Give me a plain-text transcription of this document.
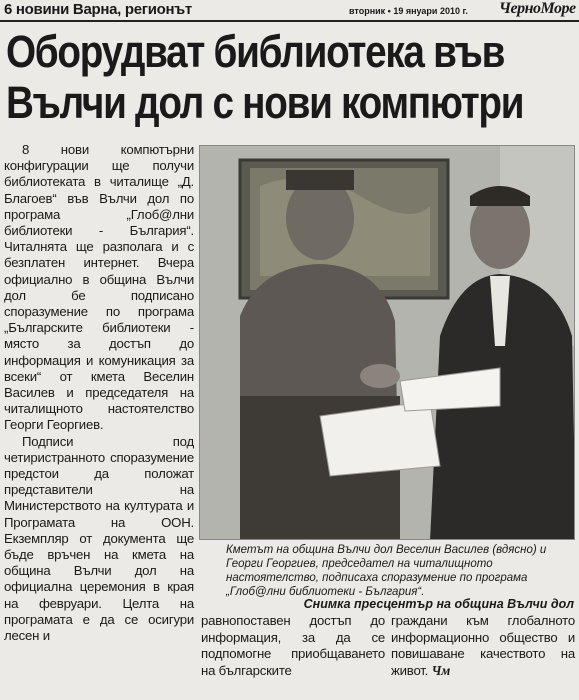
6 новини Варна, регионът	вторник • 19 януари 2010 г. ЧерноМоре
Оборудват библиотека във
Вълчи дол с нови компютри

8 нови компютърни конфигурации ще получи библиотеката в читалище „Д. Благоев“ във Вълчи дол по програма „Глоб@лни библиотеки - България“. Читалнята ще разполага и с безплатен интернет. Вчера официално в община Вълчи дол бе подписано споразумение по програма „Българските библиотеки - място за достъп до информация и комуникация за всеки“ от кмета Веселин Василев и председателя на читалищното настоятелство Георги Георгиев.

Подписи под четиристранното споразумение предстои да положат представители на Министерството на културата и Програмата на ООН. Екземпляр от документа ще бъде връчен на кмета на община Вълчи дол на официална церемония в края на февруари. Целта на програмата е да се осигури лесен и

Кметът на община Вълчи дол Веселин Василев (вдясно) и Георги Георгиев, председател на читалищното настоятелство, подписаха споразумение по програма „Глоб@лни библиотеки - България“.
Снимка пресцентър на община Вълчи дол
равнопоставен достъп до информация, за да се подпомогне приобщаването на българските
граждани към глобалното информационно общество и повишаване качеството на живот. Чм
